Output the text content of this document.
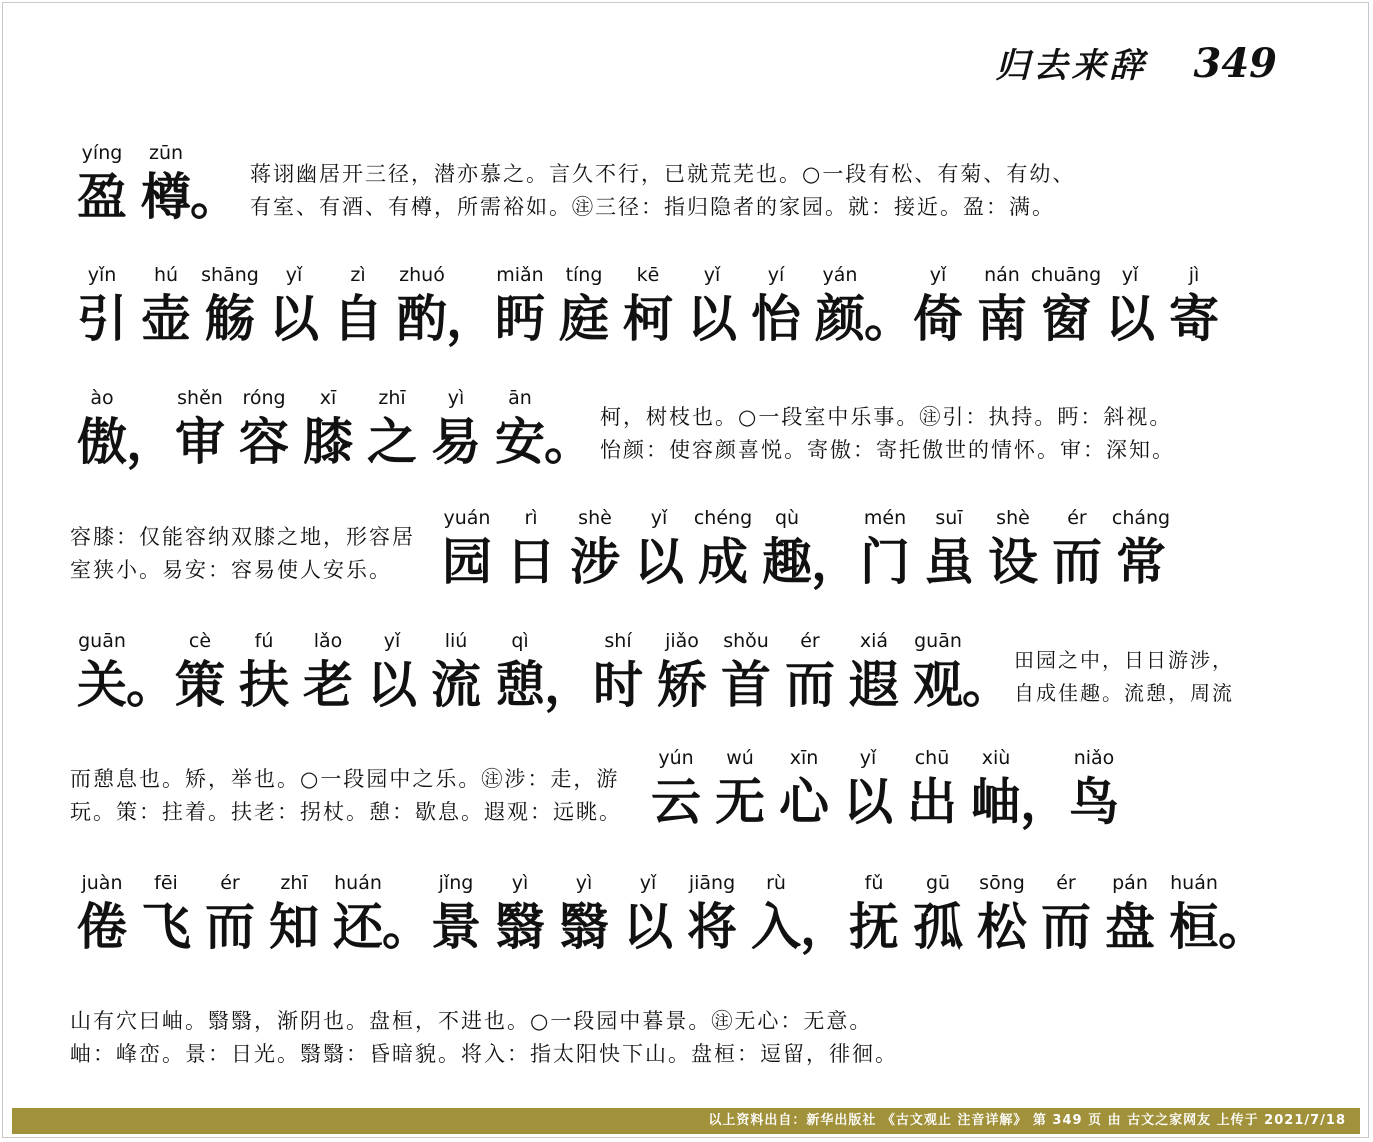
归去来辞 349
yíng
盈
zūn
樽 。 蒋诩幽居开三径，潜亦慕之。言久不行，已就荒芜也。○一段有松、有菊、有幼、

有室、有酒、有樽，所需裕如。㊟三径：指归隐者的家园。就：接近。盈：满。

yǐn
引
hú
壶
shāng
觞
yǐ
以
zì
自
zhuó
酌 ，
miǎn
眄
tíng
庭
kē
柯
yǐ
以
yí
怡
yán
颜 。
yǐ
倚
nán
南
chuāng
窗
yǐ
以
jì
寄
ào
傲 ，
shěn
审
róng
容
xī
膝
zhī
之
yì
易
ān
安 。 柯，树枝也。○一段室中乐事。㊟引：执持。眄：斜视。

怡颜：使容颜喜悦。寄傲：寄托傲世的情怀。审：深知。

容膝：仅能容纳双膝之地，形容居

室狭小。易安：容易使人安乐。

yuán
园
rì
日
shè
涉
yǐ
以
chéng
成
qù
趣 ，
mén
门
suī
虽
shè
设
ér
而
cháng
常
guān
关 。
cè
策
fú
扶
lǎo
老
yǐ
以
liú
流
qì
憩 ，
shí
时
jiǎo
矫
shǒu
首
ér
而
xiá
遐
guān
观 。 田园之中，日日游涉，

自成佳趣。流憩，周流

而憩息也。矫，举也。○一段园中之乐。㊟涉：走，游

玩。策：拄着。扶老：拐杖。憩：歇息。遐观：远眺。

yún
云
wú
无
xīn
心
yǐ
以
chū
出
xiù
岫 ，
niǎo
鸟
juàn
倦
fēi
飞
ér
而
zhī
知
huán
还 。
jǐng
景
yì
翳
yì
翳
yǐ
以
jiāng
将
rù
入 ，
fǔ
抚
gū
孤
sōng
松
ér
而
pán
盘
huán
桓 。

山有穴曰岫。翳翳，渐阴也。盘桓，不进也。○一段园中暮景。㊟无心：无意。

岫：峰峦。景：日光。翳翳：昏暗貌。将入：指太阳快下山。盘桓：逗留，徘徊。

以上资料出自：新华出版社 《古文观止 注音详解》 第 349 页 由 古文之家网友 上传于 2021/7/18
